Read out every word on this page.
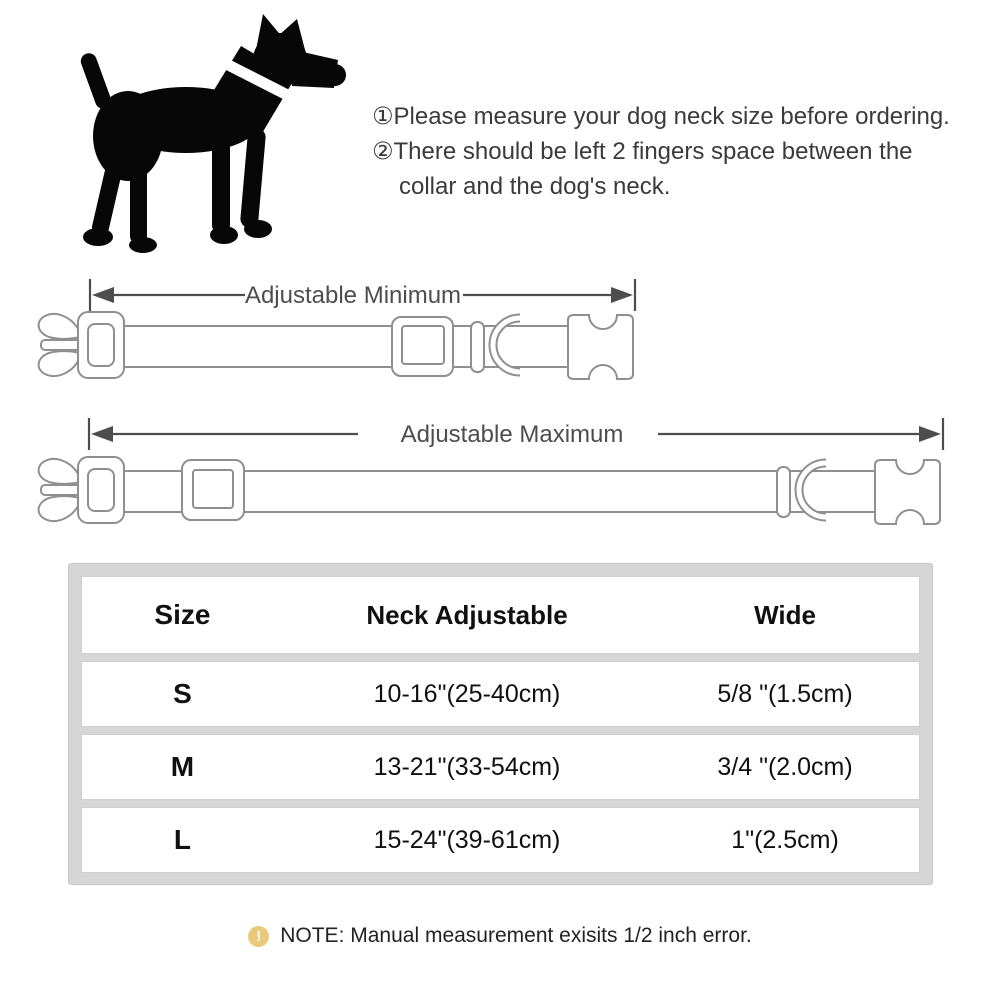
①Please measure your dog neck size before ordering.
②There should be left 2 fingers space between the
collar and the dog's neck.
Adjustable Minimum
Adjustable Maximum
Size	Neck Adjustable	Wide
S	10-16"(25-40cm)	5/8 "(1.5cm)
M	13-21"(33-54cm)	3/4 "(2.0cm)
L	15-24"(39-61cm)	1"(2.5cm)
! NOTE: Manual measurement exisits 1/2 inch error.
